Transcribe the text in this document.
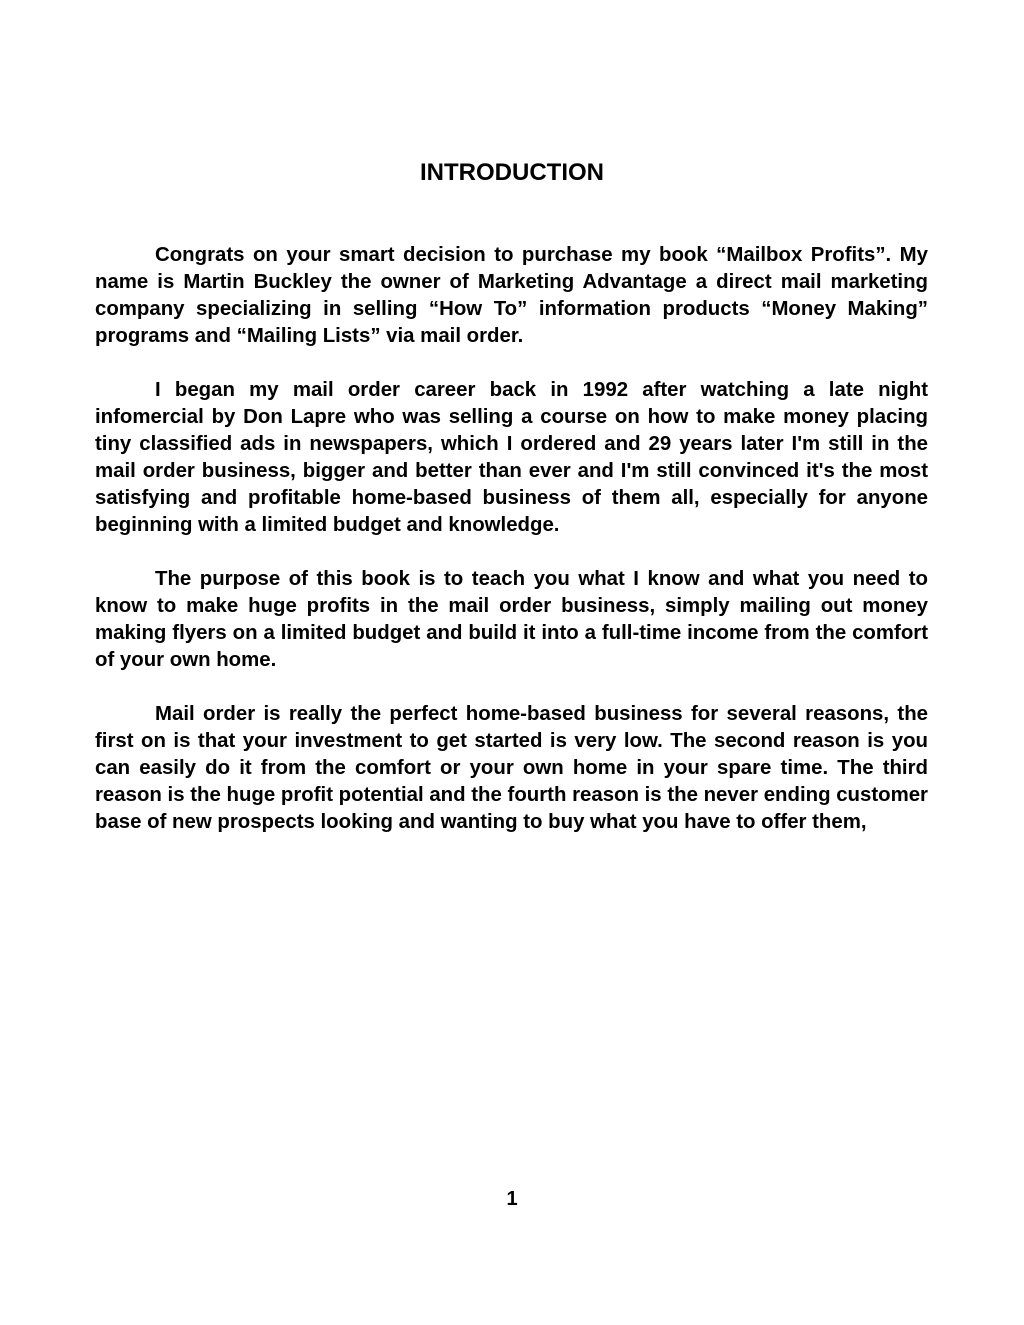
INTRODUCTION

Congrats on your smart decision to purchase my book “Mailbox Profits”. My name is Martin Buckley the owner of Marketing Advantage a direct mail marketing company specializing in selling “How To” information products “Money Making” programs and “Mailing Lists” via mail order.

I began my mail order career back in 1992 after watching a late night infomercial by Don Lapre who was selling a course on how to make money placing tiny classified ads in newspapers, which I ordered and 29 years later I'm still in the mail order business, bigger and better than ever and I'm still convinced it's the most satisfying and profitable home-based business of them all, especially for anyone beginning with a limited budget and knowledge.

The purpose of this book is to teach you what I know and what you need to know to make huge profits in the mail order business, simply mailing out money making flyers on a limited budget and build it into a full-time income from the comfort of your own home.

Mail order is really the perfect home-based business for several reasons, the first on is that your investment to get started is very low. The second reason is you can easily do it from the comfort or your own home in your spare time. The third reason is the huge profit potential and the fourth reason is the never ending customer base of new prospects looking and wanting to buy what you have to offer them,

1
